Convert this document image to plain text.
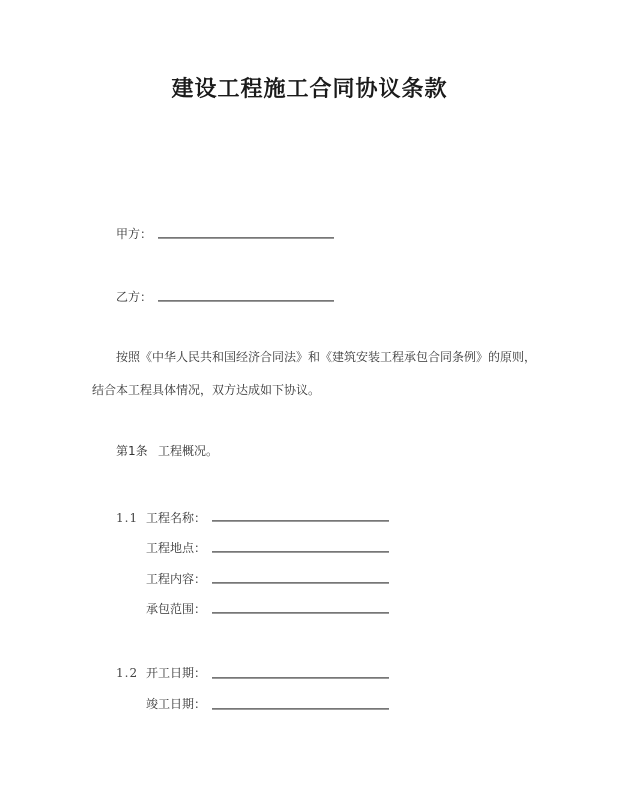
建设工程施工合同协议条款
甲方：
乙方：
按照《中华人民共和国经济合同法》和《建筑安装工程承包合同条例》的原则，
结合本工程具体情况，双方达成如下协议。
第1条 工程概况。
1.1 工程名称：
工程地点：
工程内容：
承包范围：
1.2 开工日期：
竣工日期：
